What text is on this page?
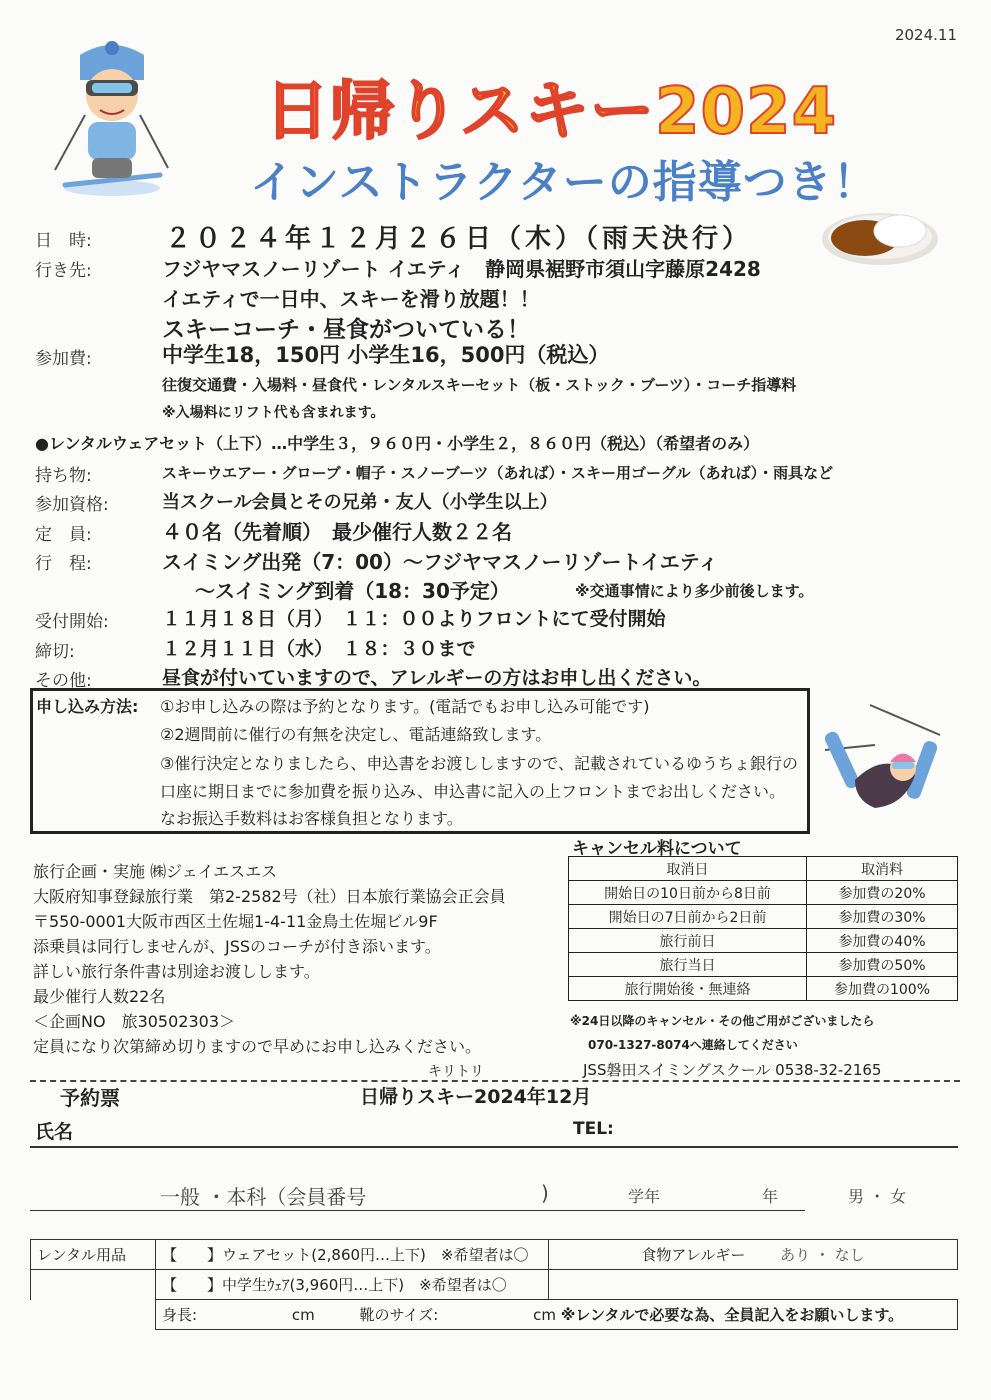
2024.11
日帰りスキー2024
インストラクターの指導つき！
日　時:	２０２４年１２月２６日（木）（雨天決行）
行き先:	フジヤマスノーリゾート イエティ　静岡県裾野市須山字藤原2428
イエティで一日中、スキーを滑り放題！！
スキーコーチ・昼食がついている！
参加費:	中学生18，150円 小学生16，500円（税込）
往復交通費・入場料・昼食代・レンタルスキーセット（板・ストック・ブーツ）・コーチ指導料
※入場料にリフト代も含まれます。
●レンタルウェアセット（上下）…中学生３，９６０円・小学生２，８６０円（税込）（希望者のみ）
持ち物:	スキーウエアー・グローブ・帽子・スノーブーツ（あれば）・スキー用ゴーグル（あれば）・雨具など
参加資格:	当スクール会員とその兄弟・友人（小学生以上）
定　員:	４０名（先着順）　最少催行人数２２名
行　程:	スイミング出発（7：00）～フジヤマスノーリゾートイエティ
～スイミング到着（18：30予定）	※交通事情により多少前後します。
受付開始:	１１月１８日（月）　１１：００よりフロントにて受付開始
締切:	１２月１１日（水）　１８：３０まで
その他:	昼食が付いていますので、アレルギーの方はお申し出ください。
申し込み方法: ①お申し込みの際は予約となります。(電話でもお申し込み可能です)
②2週間前に催行の有無を決定し、電話連絡致します。
③催行決定となりましたら、申込書をお渡ししますので、記載されているゆうちょ銀行の
口座に期日までに参加費を振り込み、申込書に記入の上フロントまでお出しください。
なお振込手数料はお客様負担となります。
旅行企画・実施 ㈱ジェイエスエス
大阪府知事登録旅行業　第2-2582号（社）日本旅行業協会正会員
〒550-0001大阪市西区土佐堀1-4-11金鳥土佐堀ビル9F
添乗員は同行しませんが、JSSのコーチが付き添います。
詳しい旅行条件書は別途お渡しします。
最少催行人数22名
＜企画NO　旅30502303＞
定員になり次第締め切りますので早めにお申し込みください。
キャンセル料について
取消日	取消料
開始日の10日前から8日前	参加費の20%
開始日の7日前から2日前	参加費の30%
旅行前日	参加費の40%
旅行当日	参加費の50%
旅行開始後・無連絡	参加費の100%
※24日以降のキャンセル・その他ご用がございましたら
070-1327-8074へ連絡してください
JSS磐田スイミングスクール 0538-32-2165
キリトリ
予約票	日帰りスキー2024年12月
氏名	TEL:
一般 ・本科（会員番号	)	学年	年	男 ・ 女
レンタル用品	【　　】ウェアセット(2,860円…上下)　※希望者は〇	食物アレルギー あり ・ なし
	【　　】中学生ｳｪｱ(3,960円…上下)　※希望者は〇	
	身長: cm 靴のサイズ: cm ※レンタルで必要な為、全員記入をお願いします。	
